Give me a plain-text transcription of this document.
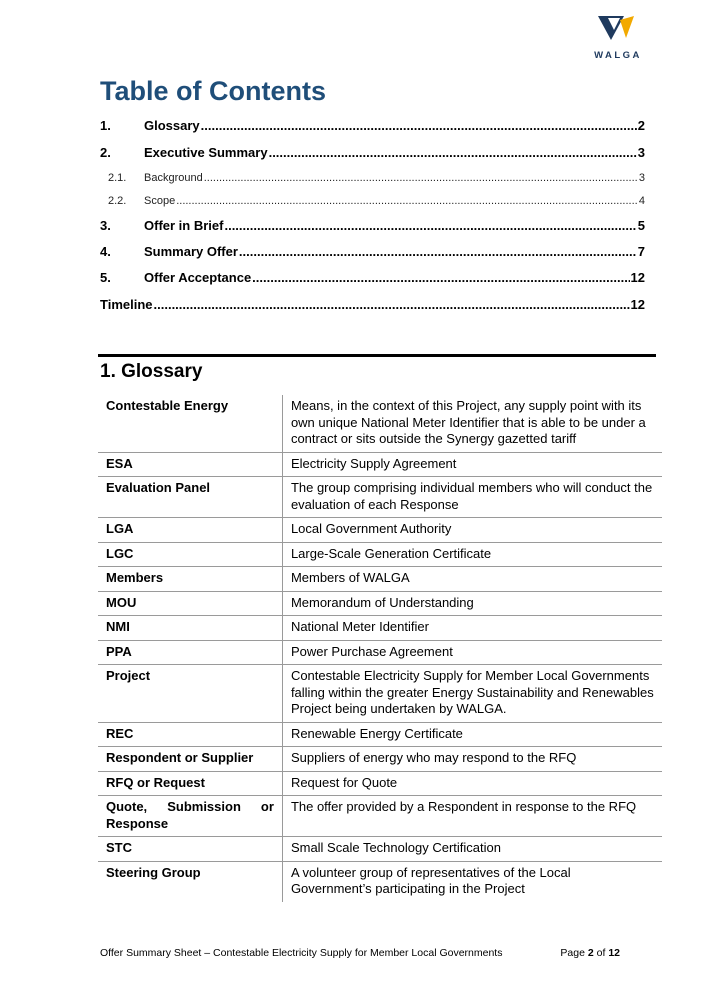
WALGA
Table of Contents
1.	Glossary .....	2
2.	Executive Summary .....	3
2.1.	Background .....	3
2.2.	Scope .....	4
3.	Offer in Brief .....	5
4.	Summary Offer .....	7
5.	Offer Acceptance .....	12
Timeline .....	12
1. Glossary
Contestable Energy	Means, in the context of this Project, any supply point with its own unique National Meter Identifier that is able to be under a contract or sits outside the Synergy gazetted tariff
ESA	Electricity Supply Agreement
Evaluation Panel	The group comprising individual members who will conduct the evaluation of each Response
LGA	Local Government Authority
LGC	Large-Scale Generation Certificate
Members	Members of WALGA
MOU	Memorandum of Understanding
NMI	National Meter Identifier
PPA	Power Purchase Agreement
Project	Contestable Electricity Supply for Member Local Governments falling within the greater Energy Sustainability and Renewables Project being undertaken by WALGA.
REC	Renewable Energy Certificate
Respondent or Supplier	Suppliers of energy who may respond to the RFQ
RFQ or Request	Request for Quote
Quote, Submission or Response	The offer provided by a Respondent in response to the RFQ
STC	Small Scale Technology Certification
Steering Group	A volunteer group of representatives of the Local Government’s participating in the Project
Offer Summary Sheet – Contestable Electricity Supply for Member Local Governments	Page 2 of 12
